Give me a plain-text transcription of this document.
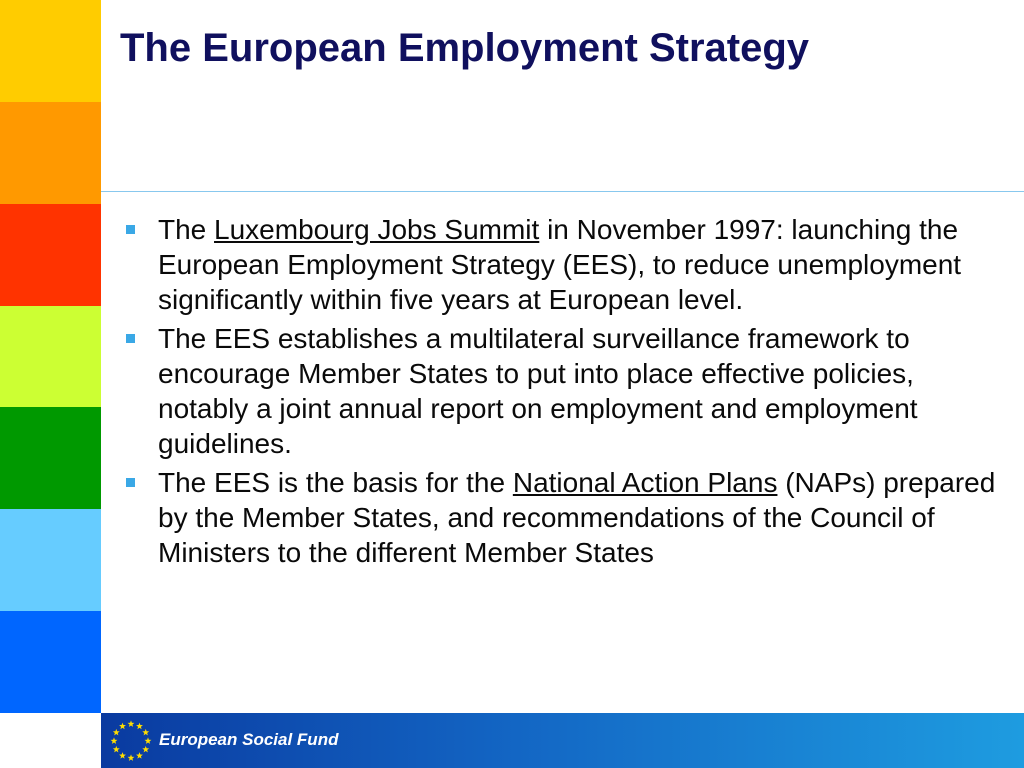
The European Employment Strategy
The Luxembourg Jobs Summit in November 1997: launching the European Employment Strategy (EES), to reduce unemployment significantly within five years at European level.
The EES establishes a multilateral surveillance framework to encourage Member States to put into place effective policies, notably a joint annual report on employment and employment guidelines.
The EES is the basis for the National Action Plans (NAPs) prepared by the Member States, and recommendations of the Council of Ministers to the different Member States
European Social Fund
